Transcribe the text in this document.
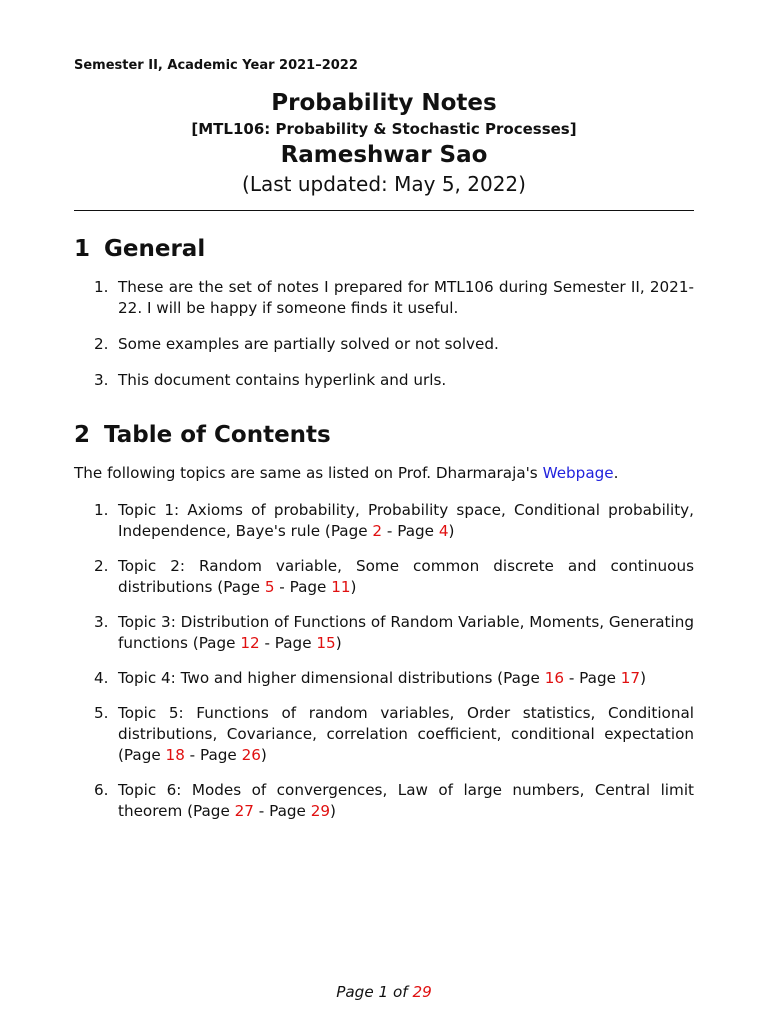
Semester II, Academic Year 2021–2022
Probability Notes
[MTL106: Probability & Stochastic Processes]
Rameshwar Sao
(Last updated: May 5, 2022)
1 General
1. These are the set of notes I prepared for MTL106 during Semester II, 2021-22. I will be happy if someone finds it useful.
2. Some examples are partially solved or not solved.
3. This document contains hyperlink and urls.
2 Table of Contents
The following topics are same as listed on Prof. Dharmaraja's Webpage.
1. Topic 1: Axioms of probability, Probability space, Conditional probability, Independence, Baye's rule (Page 2 - Page 4)
2. Topic 2: Random variable, Some common discrete and continuous distributions (Page 5 - Page 11)
3. Topic 3: Distribution of Functions of Random Variable, Moments, Generating functions (Page 12 - Page 15)
4. Topic 4: Two and higher dimensional distributions (Page 16 - Page 17)
5. Topic 5: Functions of random variables, Order statistics, Conditional distributions, Covariance, correlation coefficient, conditional expectation (Page 18 - Page 26)
6. Topic 6: Modes of convergences, Law of large numbers, Central limit theorem (Page 27 - Page 29)
Page 1 of 29
